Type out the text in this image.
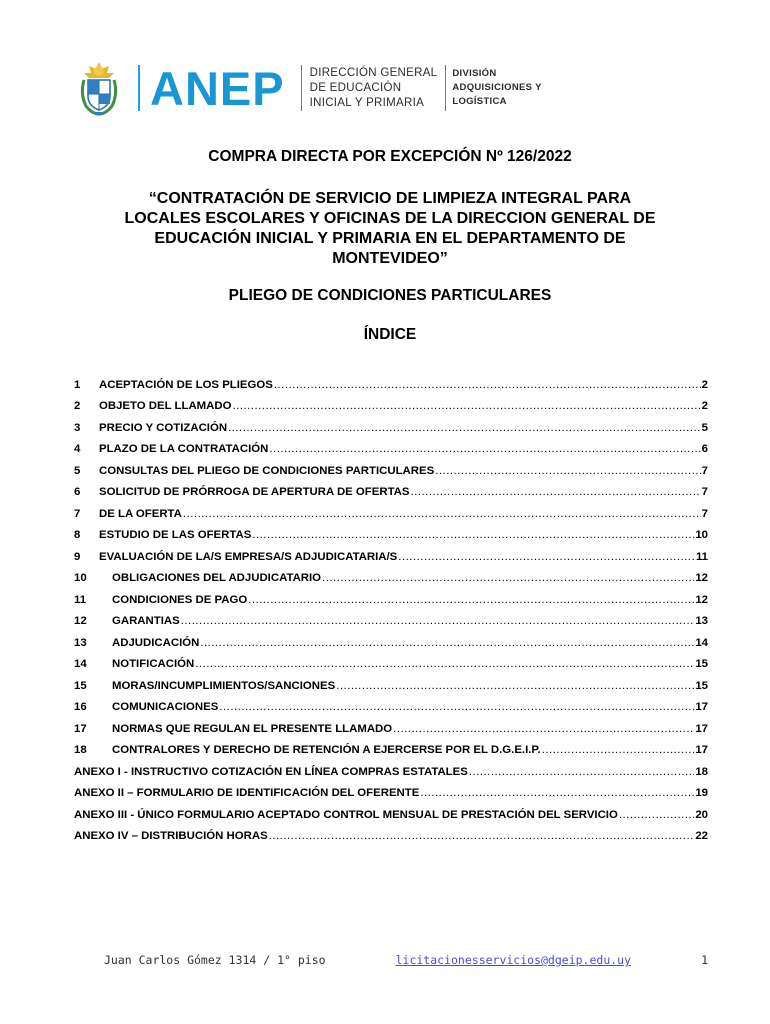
ANEP DIRECCIÓN GENERAL
DE EDUCACIÓN
INICIAL Y PRIMARIA
DIVISIÓN
ADQUISICIONES Y
LOGÍSTICA
COMPRA DIRECTA POR EXCEPCIÓN Nº 126/2022
“CONTRATACIÓN DE SERVICIO DE LIMPIEZA INTEGRAL PARA
LOCALES ESCOLARES Y OFICINAS DE LA DIRECCION GENERAL DE
EDUCACIÓN INICIAL Y PRIMARIA EN EL DEPARTAMENTO DE
MONTEVIDEO”
PLIEGO DE CONDICIONES PARTICULARES
ÍNDICE
1	ACEPTACIÓN DE LOS PLIEGOS .....	2
2	OBJETO DEL LLAMADO .....	2
3	PRECIO Y COTIZACIÓN .....	5
4	PLAZO DE LA CONTRATACIÓN .....	6
5	CONSULTAS DEL PLIEGO DE CONDICIONES PARTICULARES .....	7
6	SOLICITUD DE PRÓRROGA DE APERTURA DE OFERTAS .....	7
7	DE LA OFERTA .....	7
8	ESTUDIO DE LAS OFERTAS .....	10
9	EVALUACIÓN DE LA/S EMPRESA/S ADJUDICATARIA/S .....	11
10	OBLIGACIONES DEL ADJUDICATARIO .....	12
11	CONDICIONES DE PAGO .....	12
12	GARANTIAS .....	13
13	ADJUDICACIÓN .....	14
14	NOTIFICACIÓN .....	15
15	MORAS/INCUMPLIMIENTOS/SANCIONES .....	15
16	COMUNICACIONES .....	17
17	NORMAS QUE REGULAN EL PRESENTE LLAMADO .....	17
18	CONTRALORES Y DERECHO DE RETENCIÓN A EJERCERSE POR EL D.G.E.I.P. .....	17
ANEXO I - INSTRUCTIVO COTIZACIÓN EN LÍNEA COMPRAS ESTATALES .....	18
ANEXO II – FORMULARIO DE IDENTIFICACIÓN DEL OFERENTE .....	19
ANEXO III - ÚNICO FORMULARIO ACEPTADO CONTROL MENSUAL DE PRESTACIÓN DEL SERVICIO .....	20
ANEXO IV – DISTRIBUCIÓN HORAS .....	22
Juan Carlos Gómez 1314 / 1° piso	licitacionesservicios@dgeip.edu.uy	1
